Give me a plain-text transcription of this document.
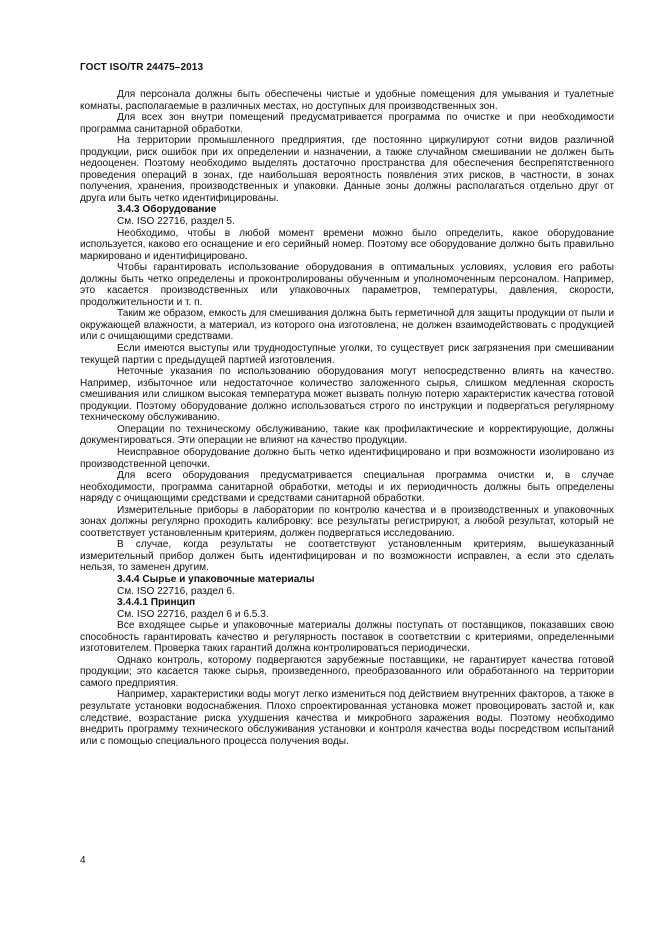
ГОСТ ISO/TR 24475–2013

Для персонала должны быть обеспечены чистые и удобные помещения для умывания и туалетные комнаты, располагаемые в различных местах, но доступных для производственных зон.

Для всех зон внутри помещений предусматривается программа по очистке и при необходимости программа санитарной обработки.

На территории промышленного предприятия, где постоянно циркулируют сотни видов различной продукции, риск ошибок при их определении и назначении, а также случайном смешивании не должен быть недооценен. Поэтому необходимо выделять достаточно пространства для обеспечения беспрепятственного проведения операций в зонах, где наибольшая вероятность появления этих рисков, в частности, в зонах получения, хранения, производственных и упаковки. Данные зоны должны располагаться отдельно друг от друга или быть четко идентифицированы.

3.4.3 Оборудование

См. ISO 22716, раздел 5.

Необходимо, чтобы в любой момент времени можно было определить, какое оборудование используется, каково его оснащение и его серийный номер. Поэтому все оборудование должно быть правильно маркировано и идентифицировано.

Чтобы гарантировать использование оборудования в оптимальных условиях, условия его работы должны быть четко определены и проконтролированы обученным и уполномоченным персоналом. Например, это касается производственных или упаковочных параметров, температуры, давления, скорости, продолжительности и т. п.

Таким же образом, емкость для смешивания должна быть герметичной для защиты продукции от пыли и окружающей влажности, а материал, из которого она изготовлена, не должен взаимодействовать с продукцией или с очищающими средствами.

Если имеются выступы или труднодоступные уголки, то существует риск загрязнения при смешивании текущей партии с предыдущей партией изготовления.

Неточные указания по использованию оборудования могут непосредственно влиять на качество. Например, избыточное или недостаточное количество заложенного сырья, слишком медленная скорость смешивания или слишком высокая температура может вызвать полную потерю характеристик качества готовой продукции. Поэтому оборудование должно использоваться строго по инструкции и подвергаться регулярному техническому обслуживанию.

Операции по техническому обслуживанию, такие как профилактические и корректирующие, должны документироваться. Эти операции не влияют на качество продукции.

Неисправное оборудование должно быть четко идентифицировано и при возможности изолировано из производственной цепочки.

Для всего оборудования предусматривается специальная программа очистки и, в случае необходимости, программа санитарной обработки, методы и их периодичность должны быть определены наряду с очищающими средствами и средствами санитарной обработки.

Измерительные приборы в лаборатории по контролю качества и в производственных и упаковочных зонах должны регулярно проходить калибровку: все результаты регистрируют, а любой результат, который не соответствует установленным критериям, должен подвергаться исследованию.

В случае, когда результаты не соответствуют установленным критериям, вышеуказанный измерительный прибор должен быть идентифицирован и по возможности исправлен, а если это сделать нельзя, то заменен другим.

3.4.4 Сырье и упаковочные материалы

См. ISO 22716, раздел 6.

3.4.4.1 Принцип

См. ISO 22716, раздел 6 и 6.5.3.

Все входящее сырье и упаковочные материалы должны поступать от поставщиков, показавших свою способность гарантировать качество и регулярность поставок в соответствии с критериями, определенными изготовителем. Проверка таких гарантий должна контролироваться периодически.

Однако контроль, которому подвергаются зарубежные поставщики, не гарантирует качества готовой продукции; это касается также сырья, произведенного, преобразованного или обработанного на территории самого предприятия.

Например, характеристики воды могут легко измениться под действием внутренних факторов, а также в результате установки водоснабжения. Плохо спроектированная установка может провоцировать застой и, как следствие, возрастание риска ухудшения качества и микробного заражения воды. Поэтому необходимо внедрить программу технического обслуживания установки и контроля качества воды посредством испытаний или с помощью специального процесса получения воды.

4
